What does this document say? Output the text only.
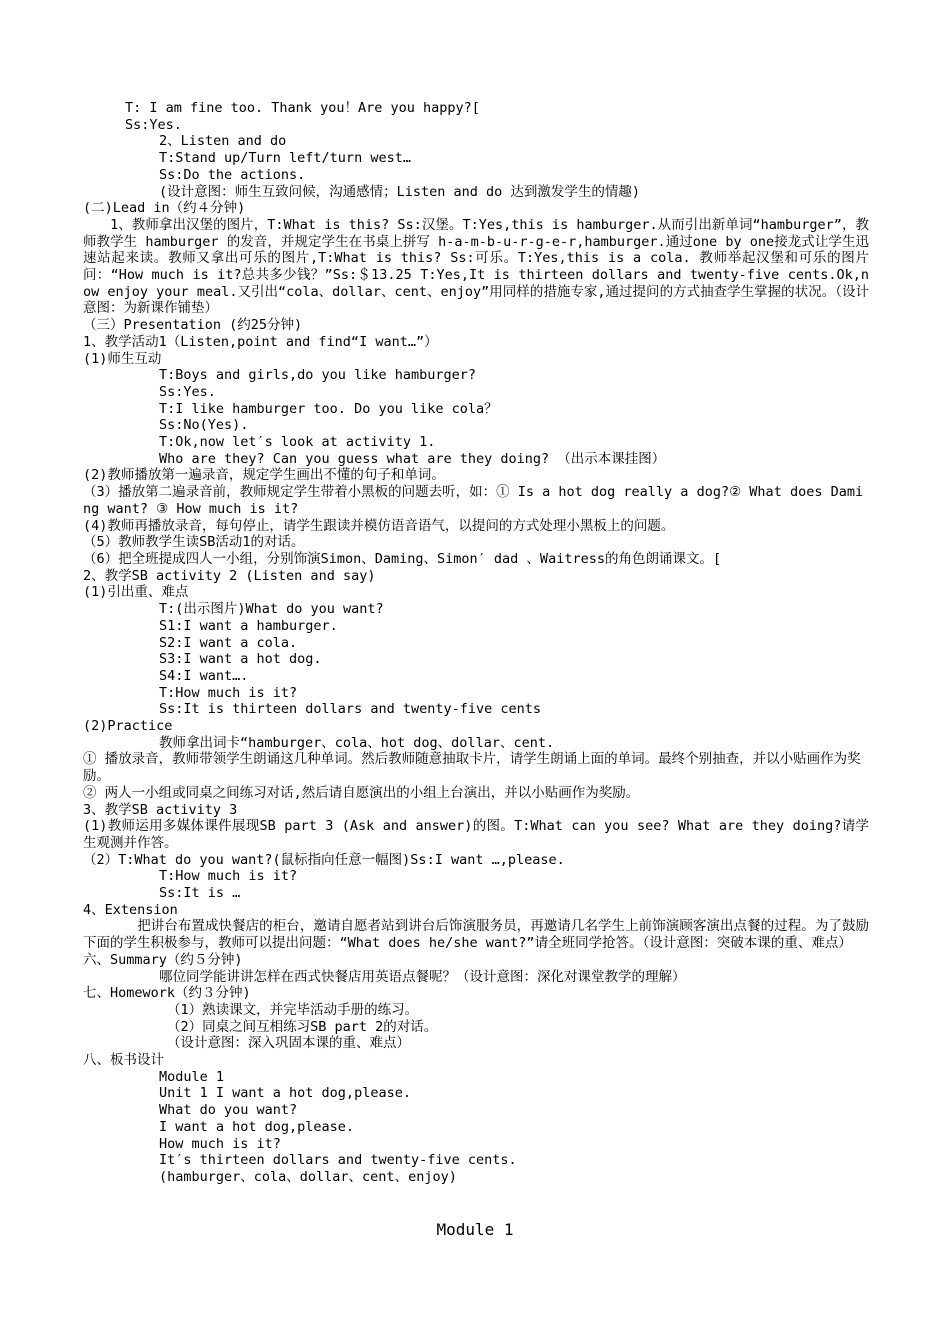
T: I am fine too. Thank you！Are you happy?[

Ss:Yes.

2、Listen and do

T:Stand up/Turn left/turn west…

Ss:Do the actions.

(设计意图：师生互致问候，沟通感情；Listen and do 达到激发学生的情趣)

(二)Lead in（约４分钟)

　　1、教师拿出汉堡的图片，T:What is this? Ss:汉堡。T:Yes,this is hamburger.从而引出新单词“hamburger”，教师教学生 hamburger 的发音，并规定学生在书桌上拼写 h-a-m-b-u-r-g-e-r,hamburger.通过one by one接龙式让学生迅速站起来读。教师又拿出可乐的图片,T:What is this? Ss:可乐。T:Yes,this is a cola. 教师举起汉堡和可乐的图片问：“How much is it?总共多少钱？”Ss:＄13.25 T:Yes,It is thirteen dollars and twenty-five cents.Ok,now enjoy your meal.又引出“cola、dollar、cent、enjoy”用同样的措施专家,通过提问的方式抽查学生掌握的状况。（设计意图：为新课作铺垫）

（三）Presentation (约25分钟)

1、教学活动1（Listen,point and find“I want…”）

(1)师生互动

T:Boys and girls,do you like hamburger?

Ss:Yes.

T:I like hamburger too. Do you like cola？

Ss:No(Yes).

T:Ok,now let′s look at activity 1.

Who are they? Can you guess what are they doing? （出示本课挂图）

(2)教师播放第一遍录音，规定学生画出不懂的句子和单词。

（3）播放第二遍录音前，教师规定学生带着小黑板的问题去听，如：① Is a hot dog really a dog?② What does Daming want? ③ How much is it?

(4)教师再播放录音，每句停止，请学生跟读并模仿语音语气，以提问的方式处理小黑板上的问题。

（5）教师教学生读SB活动1的对话。

（6）把全班提成四人一小组，分别饰演Simon、Daming、Simon′ dad 、Waitress的角色朗诵课文。[

2、教学SB activity 2 (Listen and say)

(1)引出重、难点

T:(出示图片)What do you want?

S1:I want a hamburger.

S2:I want a cola.

S3:I want a hot dog.

S4:I want….

T:How much is it?

Ss:It is thirteen dollars and twenty-five cents

(2)Practice

教师拿出词卡“hamburger、cola、hot dog、dollar、cent.

① 播放录音，教师带领学生朗诵这几种单词。然后教师随意抽取卡片，请学生朗诵上面的单词。最终个别抽查，并以小贴画作为奖励。

② 两人一小组或同桌之间练习对话,然后请自愿演出的小组上台演出，并以小贴画作为奖励。

3、教学SB activity 3

(1)教师运用多媒体课件展现SB part 3 (Ask and answer)的图。T:What can you see? What are they doing?请学生观测并作答。

（2）T:What do you want?(鼠标指向任意一幅图)Ss:I want …,please.

T:How much is it?

Ss:It is …

4、Extension

　　　　把讲台布置成快餐店的柜台，邀请自愿者站到讲台后饰演服务员，再邀请几名学生上前饰演顾客演出点餐的过程。为了鼓励下面的学生积极参与，教师可以提出问题：“What does he/she want?”请全班同学抢答。（设计意图：突破本课的重、难点）

六、Summary（约５分钟)

哪位同学能讲讲怎样在西式快餐店用英语点餐呢？（设计意图：深化对课堂教学的理解）

七、Homework（约３分钟)

（1）熟读课文，并完毕活动手册的练习。

（2）同桌之间互相练习SB part 2的对话。

（设计意图：深入巩固本课的重、难点）

八、板书设计

Module 1

Unit 1 I want a hot dog,please.

What do you want?

I want a hot dog,please.

How much is it?

It′s thirteen dollars and twenty-five cents.

(hamburger、cola、dollar、cent、enjoy)

Module 1
